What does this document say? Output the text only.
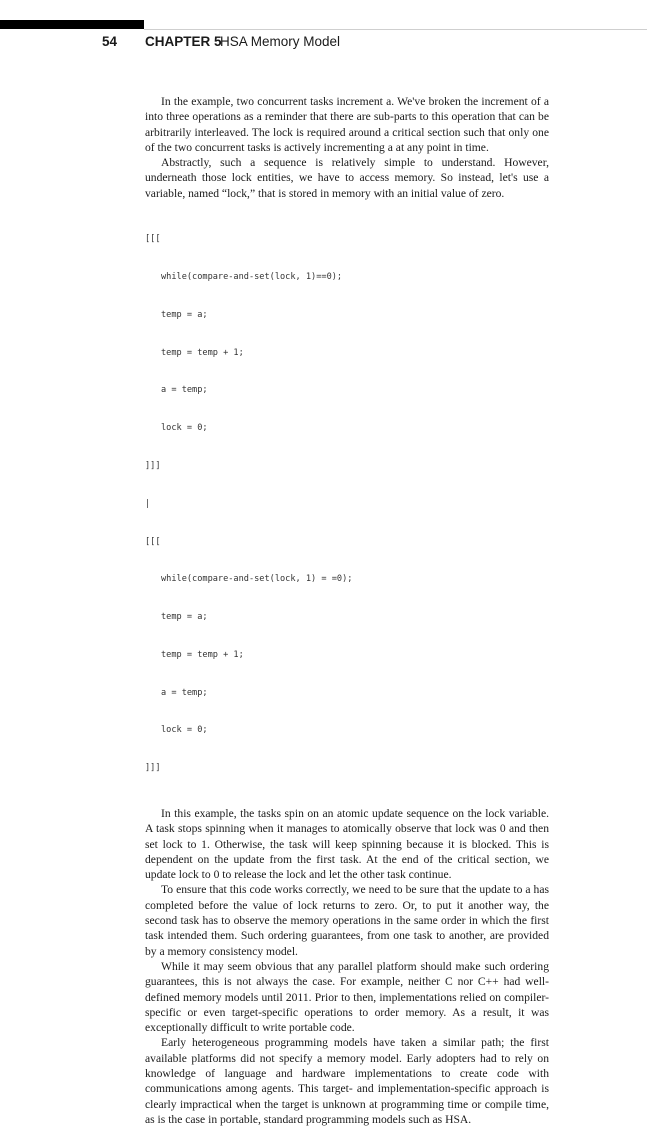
54 CHAPTER 5
HSA Memory Model

In the example, two concurrent tasks increment a. We've broken the increment of a into three operations as a reminder that there are sub-parts to this operation that can be arbitrarily interleaved. The lock is required around a critical section such that only one of the two concurrent tasks is actively incrementing a at any point in time.

Abstractly, such a sequence is relatively simple to understand. However, underneath those lock entities, we have to access memory. So instead, let's use a variable, named “lock,” that is stored in memory with an initial value of zero.

[[[

while(compare-and-set(lock, 1)==0);

temp = a;

temp = temp + 1;

a = temp;

lock = 0;

]]]

|

[[[

while(compare-and-set(lock, 1) = =0);

temp = a;

temp = temp + 1;

a = temp;

lock = 0;

]]]

In this example, the tasks spin on an atomic update sequence on the lock variable. A task stops spinning when it manages to atomically observe that lock was 0 and then set lock to 1. Otherwise, the task will keep spinning because it is blocked. This is dependent on the update from the first task. At the end of the critical section, we update lock to 0 to release the lock and let the other task continue.

To ensure that this code works correctly, we need to be sure that the update to a has completed before the value of lock returns to zero. Or, to put it another way, the second task has to observe the memory operations in the same order in which the first task intended them. Such ordering guarantees, from one task to another, are provided by a memory consistency model.

While it may seem obvious that any parallel platform should make such ordering guarantees, this is not always the case. For example, neither C nor C++ had well-defined memory models until 2011. Prior to then, implementations relied on compiler-specific or even target-specific operations to order memory. As a result, it was exceptionally difficult to write portable code.

Early heterogeneous programming models have taken a similar path; the first available platforms did not specify a memory model. Early adopters had to rely on knowledge of language and hardware implementations to create code with communications among agents. This target- and implementation-specific approach is clearly impractical when the target is unknown at programming time or compile time, as is the case in portable, standard programming models such as HSA.
